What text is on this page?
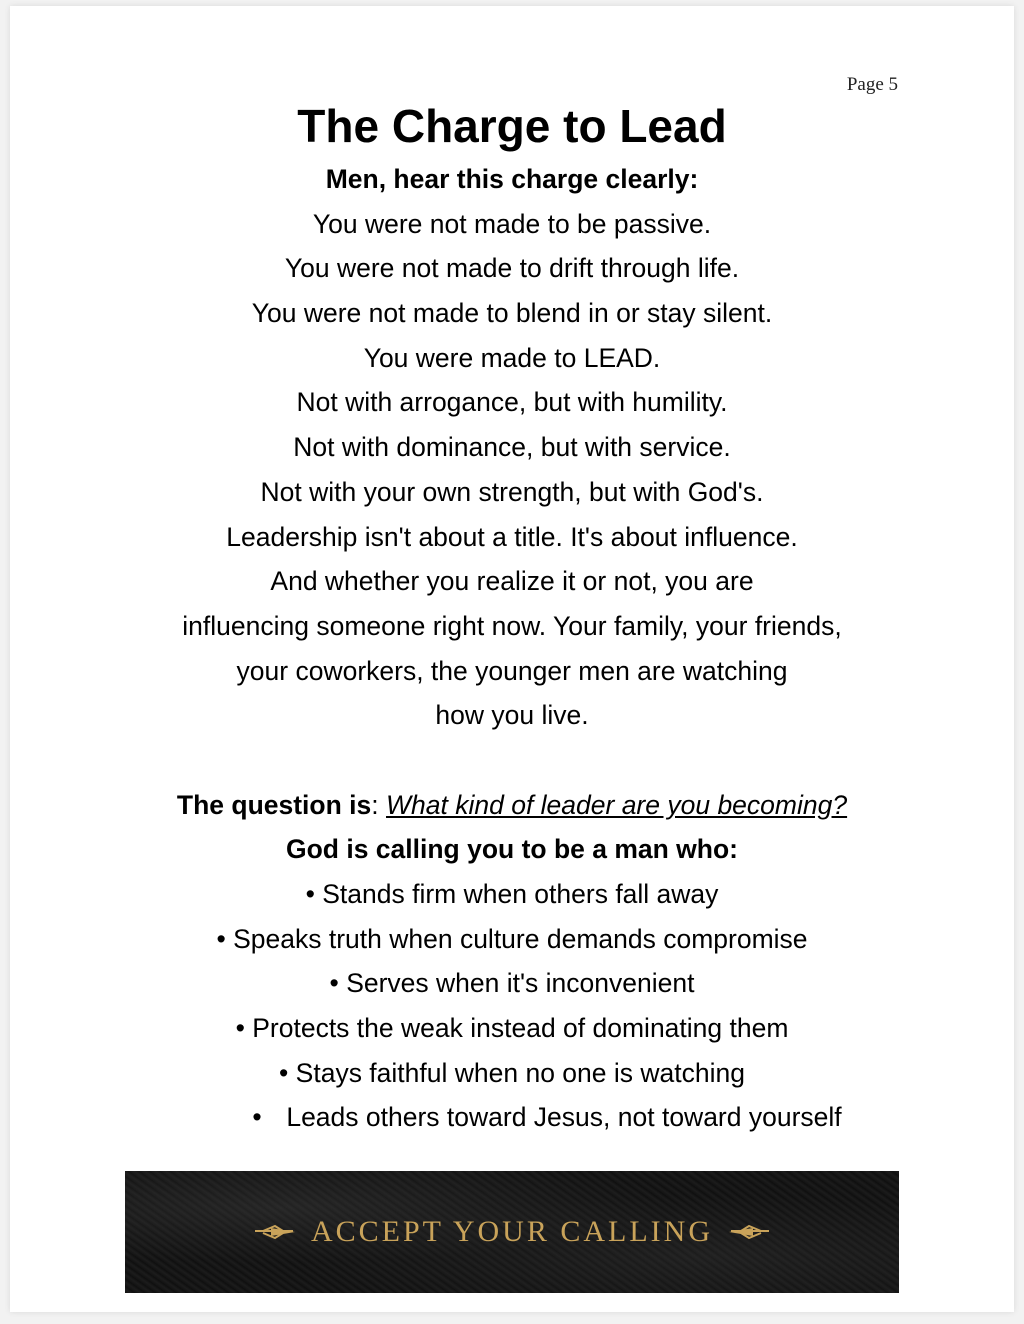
Page 5
The Charge to Lead
Men, hear this charge clearly:
You were not made to be passive.
You were not made to drift through life.
You were not made to blend in or stay silent.
You were made to LEAD.
Not with arrogance, but with humility.
Not with dominance, but with service.
Not with your own strength, but with God's.
Leadership isn't about a title. It's about influence.
And whether you realize it or not, you are
influencing someone right now. Your family, your friends,
your coworkers, the younger men are watching
how you live.
The question is: What kind of leader are you becoming?
God is calling you to be a man who:
• Stands firm when others fall away
• Speaks truth when culture demands compromise
• Serves when it's inconvenient
• Protects the weak instead of dominating them
• Stays faithful when no one is watching
• Leads others toward Jesus, not toward yourself
ACCEPT YOUR CALLING
